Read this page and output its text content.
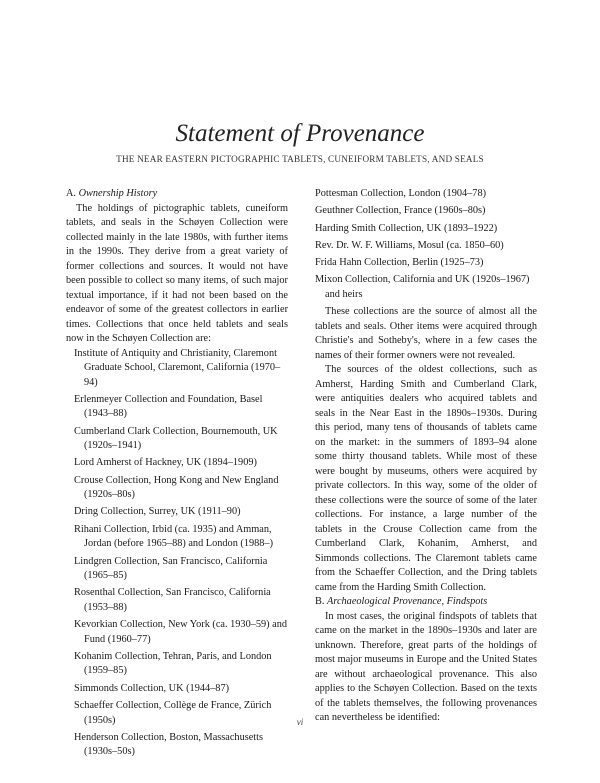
Statement of Provenance
THE NEAR EASTERN PICTOGRAPHIC TABLETS, CUNEIFORM TABLETS, AND SEALS
A. Ownership History

The holdings of pictographic tablets, cuneiform tablets, and seals in the Schøyen Collection were collected mainly in the late 1980s, with further items in the 1990s. They derive from a great variety of former collections and sources. It would not have been possible to collect so many items, of such major textual importance, if it had not been based on the endeavor of some of the greatest collectors in earlier times. Collections that once held tablets and seals now in the Schøyen Collection are:

Institute of Antiquity and Christianity, Claremont Graduate School, Claremont, California (1970–94)
Erlenmeyer Collection and Foundation, Basel (1943–88)
Cumberland Clark Collection, Bournemouth, UK (1920s–1941)
Lord Amherst of Hackney, UK (1894–1909)
Crouse Collection, Hong Kong and New England (1920s–80s)
Dring Collection, Surrey, UK (1911–90)
Rihani Collection, Irbid (ca. 1935) and Amman, Jordan (before 1965–88) and London (1988–)
Lindgren Collection, San Francisco, California (1965–85)
Rosenthal Collection, San Francisco, California (1953–88)
Kevorkian Collection, New York (ca. 1930–59) and Fund (1960–77)
Kohanim Collection, Tehran, Paris, and London (1959–85)
Simmonds Collection, UK (1944–87)
Schaeffer Collection, Collège de France, Zürich (1950s)
Henderson Collection, Boston, Massachusetts (1930s–50s)
Pottesman Collection, London (1904–78)
Geuthner Collection, France (1960s–80s)
Harding Smith Collection, UK (1893–1922)
Rev. Dr. W. F. Williams, Mosul (ca. 1850–60)
Frida Hahn Collection, Berlin (1925–73)
Mixon Collection, California and UK (1920s–1967) and heirs

These collections are the source of almost all the tablets and seals. Other items were acquired through Christie's and Sotheby's, where in a few cases the names of their former owners were not revealed.

The sources of the oldest collections, such as Amherst, Harding Smith and Cumberland Clark, were antiquities dealers who acquired tablets and seals in the Near East in the 1890s–1930s. During this period, many tens of thousands of tablets came on the market: in the summers of 1893–94 alone some thirty thousand tablets. While most of these were bought by museums, others were acquired by private collectors. In this way, some of the older of these collections were the source of some of the later collections. For instance, a large number of the tablets in the Crouse Collection came from the Cumberland Clark, Kohanim, Amherst, and Simmonds collections. The Claremont tablets came from the Schaeffer Collection, and the Dring tablets came from the Harding Smith Collection.

B. Archaeological Provenance, Findspots

In most cases, the original findspots of tablets that came on the market in the 1890s–1930s and later are unknown. Therefore, great parts of the holdings of most major museums in Europe and the United States are without archaeological provenance. This also applies to the Schøyen Collection. Based on the texts of the tablets themselves, the following provenances can nevertheless be identified:

vi
